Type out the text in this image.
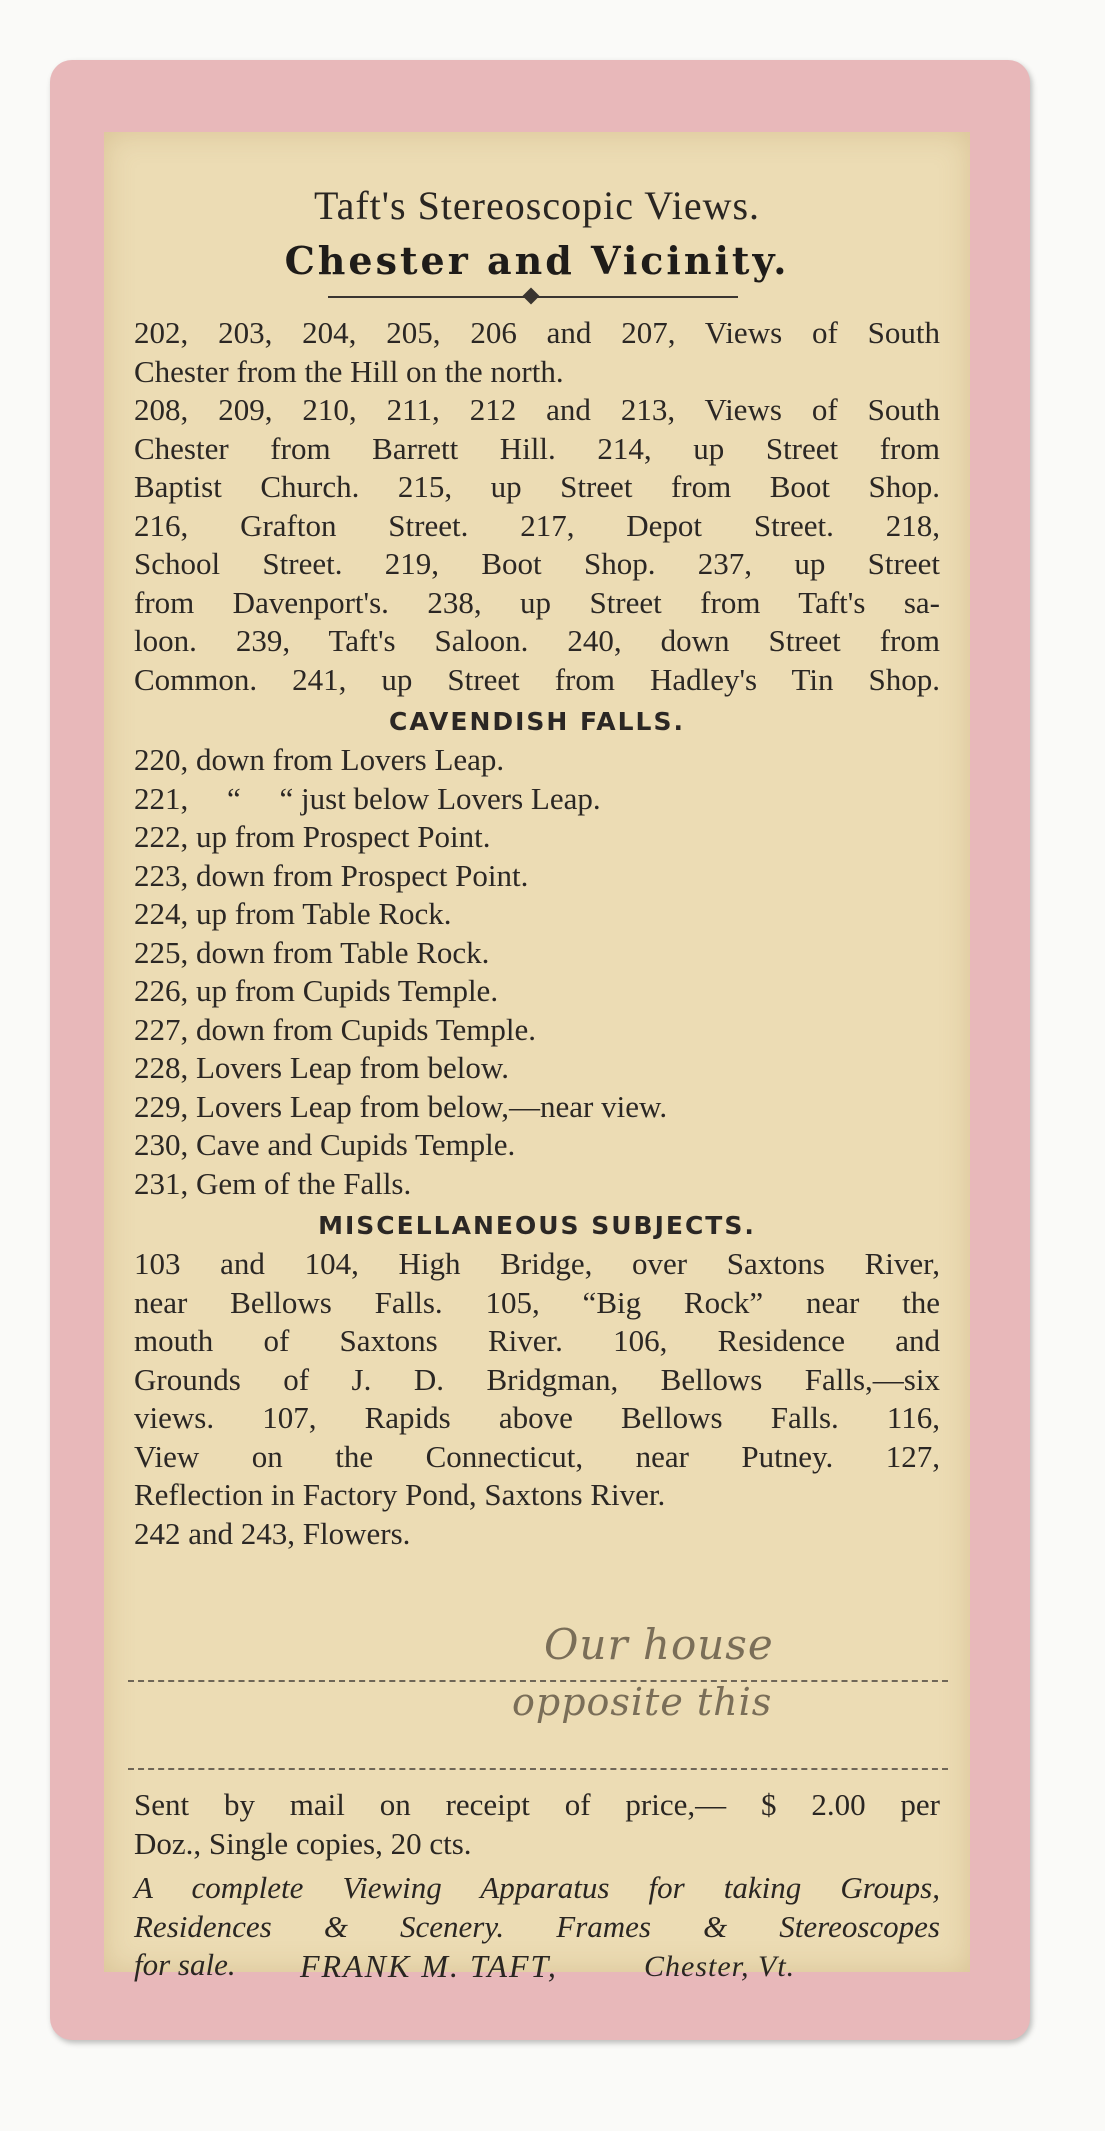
Taft's Stereoscopic Views.
Chester and Vicinity.
202, 203, 204, 205, 206 and 207, Views of South
Chester from the Hill on the north.
208, 209, 210, 211, 212 and 213, Views of South
Chester from Barrett Hill. 214, up Street from
Baptist Church. 215, up Street from Boot Shop.
216, Grafton Street. 217, Depot Street. 218,
School Street. 219, Boot Shop. 237, up Street
from Davenport's. 238, up Street from Taft's sa-
loon. 239, Taft's Saloon. 240, down Street from
Common. 241, up Street from Hadley's Tin Shop.
CAVENDISH FALLS.
220, down from Lovers Leap.
221,     “     “ just below Lovers Leap.
222, up from Prospect Point.
223, down from Prospect Point.
224, up from Table Rock.
225, down from Table Rock.
226, up from Cupids Temple.
227, down from Cupids Temple.
228, Lovers Leap from below.
229, Lovers Leap from below,—near view.
230, Cave and Cupids Temple.
231, Gem of the Falls.
MISCELLANEOUS SUBJECTS.
103 and 104, High Bridge, over Saxtons River,
near Bellows Falls. 105, “Big Rock” near the
mouth of Saxtons River. 106, Residence and
Grounds of J. D. Bridgman, Bellows Falls,—six
views. 107, Rapids above Bellows Falls. 116,
View on the Connecticut, near Putney. 127,
Reflection in Factory Pond, Saxtons River.
242 and 243, Flowers.
Our house
opposite this
Sent by mail on receipt of price,— $ 2.00 per
Doz., Single copies, 20 cts.
A complete Viewing Apparatus for taking Groups,
Residences & Scenery. Frames & Stereoscopes
for sale.	FRANK M. TAFT,	Chester, Vt.
